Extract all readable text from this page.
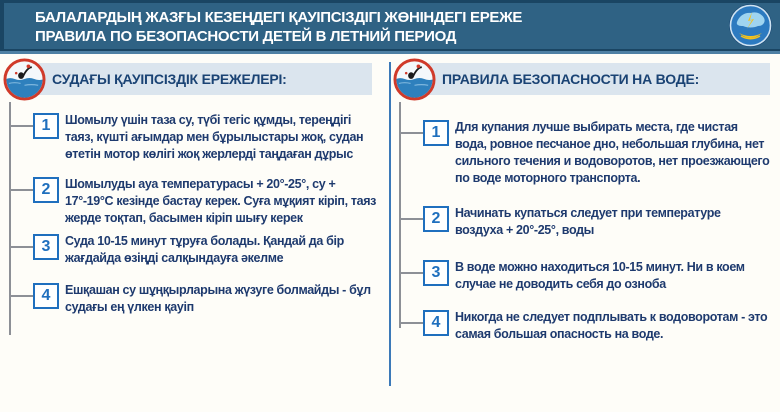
БАЛАЛАРДЫҢ ЖАЗҒЫ КЕЗЕҢДЕГІ ҚАУІПСІЗДІГІ ЖӨНІНДЕГІ ЕРЕЖЕ
ПРАВИЛА ПО БЕЗОПАСНОСТИ ДЕТЕЙ В ЛЕТНИЙ ПЕРИОД
СУДАҒЫ ҚАУІПСІЗДІК ЕРЕЖЕЛЕРІ:
1	Шомылу үшін таза су, түбі тегіс құмды, тереңдігі таяз, күшті ағымдар мен бұрылыстары жоқ, судан өтетін мотор көлігі жоқ жерлерді таңдаған дұрыс
2	Шомылуды ауа температурасы + 20°-25°, су + 17°-19°С кезінде бастау керек. Суға мұқият кіріп, таяз жерде тоқтап, басымен кіріп шығу керек
3	Суда 10-15 минут тұруға болады. Қандай да бір жағдайда өзіңді салқындауға әкелме
4	Ешқашан су шұңқырларына жүзуге болмайды - бұл судағы ең үлкен қауіп
ПРАВИЛА БЕЗОПАСНОСТИ НА ВОДЕ:
1	Для купания лучше выбирать места, где чистая вода, ровное песчаное дно, небольшая глубина, нет сильного течения и водоворотов, нет проезжающего по воде моторного транспорта.
2	Начинать купаться следует при температуре воздуха + 20°-25°, воды
3	В воде можно находиться 10-15 минут. Ни в коем случае не доводить себя до озноба
4	Никогда не следует подплывать к водоворотам - это самая большая опасность на воде.
